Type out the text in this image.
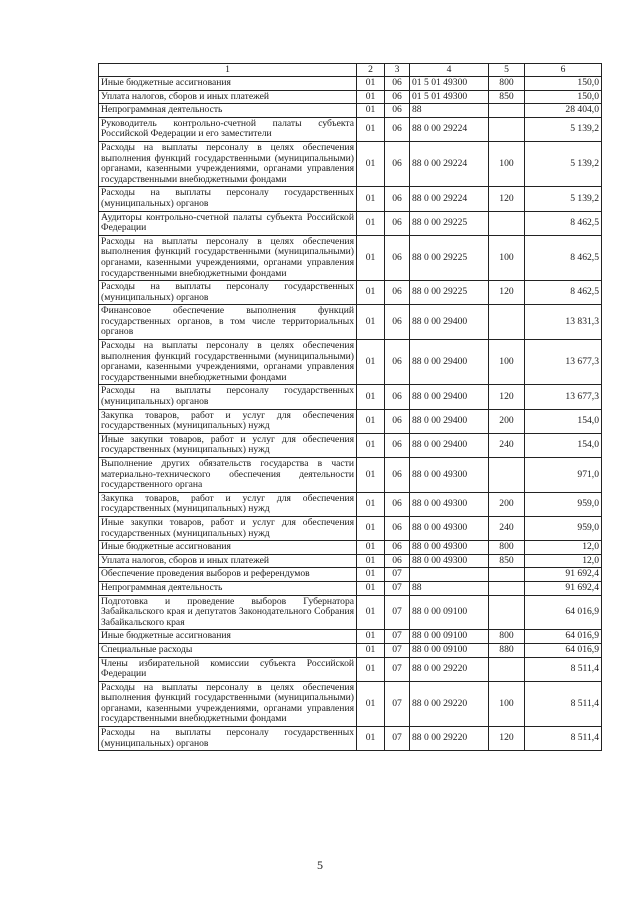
1	2	3	4	5	6
Иные бюджетные ассигнования	01	06	01 5 01 49300	800	150,0
Уплата налогов, сборов и иных платежей	01	06	01 5 01 49300	850	150,0
Непрограммная деятельность	01	06	88		28 404,0
Руководитель контрольно-счетной палаты субъекта Российской Федерации и его заместители	01	06	88 0 00 29224		5 139,2
Расходы на выплаты персоналу в целях обеспечения выполнения функций государственными (муниципальными) органами, казенными учреждениями, органами управления государственными внебюджетными фондами	01	06	88 0 00 29224	100	5 139,2
Расходы на выплаты персоналу государственных (муниципальных) органов	01	06	88 0 00 29224	120	5 139,2
Аудиторы контрольно-счетной палаты субъекта Российской Федерации	01	06	88 0 00 29225		8 462,5
Расходы на выплаты персоналу в целях обеспечения выполнения функций государственными (муниципальными) органами, казенными учреждениями, органами управления государственными внебюджетными фондами	01	06	88 0 00 29225	100	8 462,5
Расходы на выплаты персоналу государственных (муниципальных) органов	01	06	88 0 00 29225	120	8 462,5
Финансовое обеспечение выполнения функций государственных органов, в том числе территориальных органов	01	06	88 0 00 29400		13 831,3
Расходы на выплаты персоналу в целях обеспечения выполнения функций государственными (муниципальными) органами, казенными учреждениями, органами управления государственными внебюджетными фондами	01	06	88 0 00 29400	100	13 677,3
Расходы на выплаты персоналу государственных (муниципальных) органов	01	06	88 0 00 29400	120	13 677,3
Закупка товаров, работ и услуг для обеспечения государственных (муниципальных) нужд	01	06	88 0 00 29400	200	154,0
Иные закупки товаров, работ и услуг для обеспечения государственных (муниципальных) нужд	01	06	88 0 00 29400	240	154,0
Выполнение других обязательств государства в части материально-технического обеспечения деятельности государственного органа	01	06	88 0 00 49300		971,0
Закупка товаров, работ и услуг для обеспечения государственных (муниципальных) нужд	01	06	88 0 00 49300	200	959,0
Иные закупки товаров, работ и услуг для обеспечения государственных (муниципальных) нужд	01	06	88 0 00 49300	240	959,0
Иные бюджетные ассигнования	01	06	88 0 00 49300	800	12,0
Уплата налогов, сборов и иных платежей	01	06	88 0 00 49300	850	12,0
Обеспечение проведения выборов и референдумов	01	07			91 692,4
Непрограммная деятельность	01	07	88		91 692,4
Подготовка и проведение выборов Губернатора Забайкальского края и депутатов Законодательного Собрания Забайкальского края	01	07	88 0 00 09100		64 016,9
Иные бюджетные ассигнования	01	07	88 0 00 09100	800	64 016,9
Специальные расходы	01	07	88 0 00 09100	880	64 016,9
Члены избирательной комиссии субъекта Российской Федерации	01	07	88 0 00 29220		8 511,4
Расходы на выплаты персоналу в целях обеспечения выполнения функций государственными (муниципальными) органами, казенными учреждениями, органами управления государственными внебюджетными фондами	01	07	88 0 00 29220	100	8 511,4
Расходы на выплаты персоналу государственных (муниципальных) органов	01	07	88 0 00 29220	120	8 511,4
5
